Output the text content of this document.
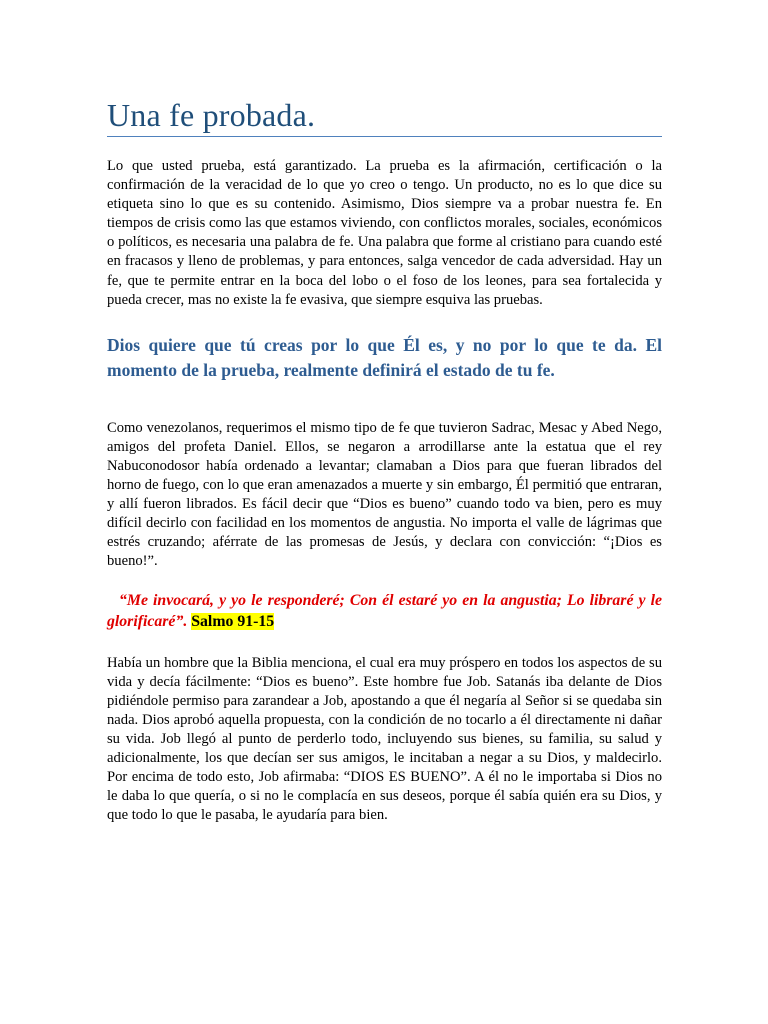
Una fe probada.

Lo que usted prueba, está garantizado. La prueba es la afirmación, certificación o la confirmación de la veracidad de lo que yo creo o tengo. Un producto, no es lo que dice su etiqueta sino lo que es su contenido. Asimismo, Dios siempre va a probar nuestra fe. En tiempos de crisis como las que estamos viviendo, con conflictos morales, sociales, económicos o políticos, es necesaria una palabra de fe. Una palabra que forme al cristiano para cuando esté en fracasos y lleno de problemas, y para entonces, salga vencedor de cada adversidad. Hay un fe, que te permite entrar en la boca del lobo o el foso de los leones, para sea fortalecida y pueda crecer, mas no existe la fe evasiva, que siempre esquiva las pruebas.

Dios quiere que tú creas por lo que Él es, y no por lo que te da. El momento de la prueba, realmente definirá el estado de tu fe.

Como venezolanos, requerimos el mismo tipo de fe que tuvieron Sadrac, Mesac y Abed Nego, amigos del profeta Daniel. Ellos, se negaron a arrodillarse ante la estatua que el rey Nabuconodosor había ordenado a levantar; clamaban a Dios para que fueran librados del horno de fuego, con lo que eran amenazados a muerte y sin embargo, Él permitió que entraran, y allí fueron librados. Es fácil decir que “Dios es bueno” cuando todo va bien, pero es muy difícil decirlo con facilidad en los momentos de angustia. No importa el valle de lágrimas que estrés cruzando; aférrate de las promesas de Jesús, y declara con convicción: “¡Dios es bueno!”.

“Me invocará, y yo le responderé; Con él estaré yo en la angustia; Lo libraré y le glorificaré”. Salmo 91-15

Había un hombre que la Biblia menciona, el cual era muy próspero en todos los aspectos de su vida y decía fácilmente: “Dios es bueno”. Este hombre fue Job. Satanás iba delante de Dios pidiéndole permiso para zarandear a Job, apostando a que él negaría al Señor si se quedaba sin nada. Dios aprobó aquella propuesta, con la condición de no tocarlo a él directamente ni dañar su vida. Job llegó al punto de perderlo todo, incluyendo sus bienes, su familia, su salud y adicionalmente, los que decían ser sus amigos, le incitaban a negar a su Dios, y maldecirlo. Por encima de todo esto, Job afirmaba: “DIOS ES BUENO”. A él no le importaba si Dios no le daba lo que quería, o si no le complacía en sus deseos, porque él sabía quién era su Dios, y que todo lo que le pasaba, le ayudaría para bien.
